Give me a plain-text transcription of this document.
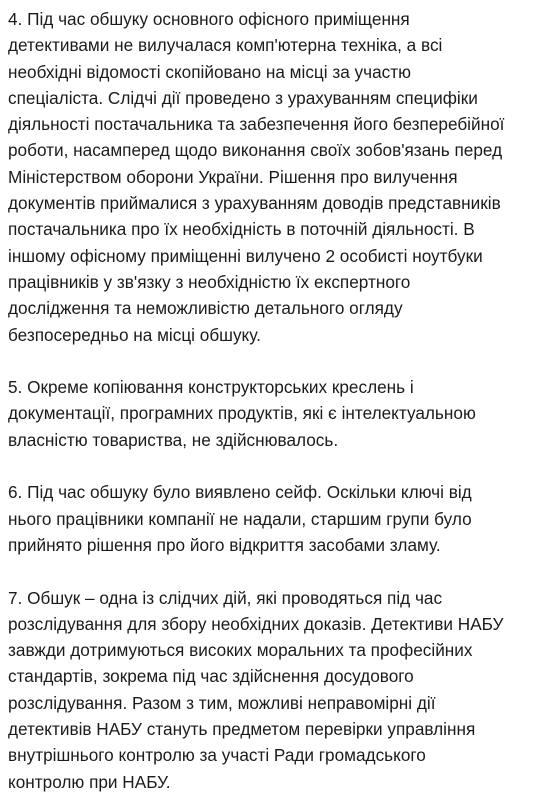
4. Під час обшуку основного офісного приміщення
детективами не вилучалася комп'ютерна техніка, а всі
необхідні відомості скопійовано на місці за участю
спеціаліста. Слідчі дії проведено з урахуванням специфіки
діяльності постачальника та забезпечення його безперебійної
роботи, насамперед щодо виконання своїх зобов'язань перед
Міністерством оборони України. Рішення про вилучення
документів приймалися з урахуванням доводів представників
постачальника про їх необхідність в поточній діяльності. В
іншому офісному приміщенні вилучено 2 особисті ноутбуки
працівників у зв'язку з необхідністю їх експертного
дослідження та неможливістю детального огляду
безпосередньо на місці обшуку.

5. Окреме копіювання конструкторських креслень і
документації, програмних продуктів, які є інтелектуальною
власністю товариства, не здійснювалось.

6. Під час обшуку було виявлено сейф. Оскільки ключі від
нього працівники компанії не надали, старшим групи було
прийнято рішення про його відкриття засобами зламу.

7. Обшук – одна із слідчих дій, які проводяться під час
розслідування для збору необхідних доказів. Детективи НАБУ
завжди дотримуються високих моральних та професійних
стандартів, зокрема під час здійснення досудового
розслідування. Разом з тим, можливі неправомірні дії
детективів НАБУ стануть предметом перевірки управління
внутрішнього контролю за участі Ради громадського
контролю при НАБУ.
